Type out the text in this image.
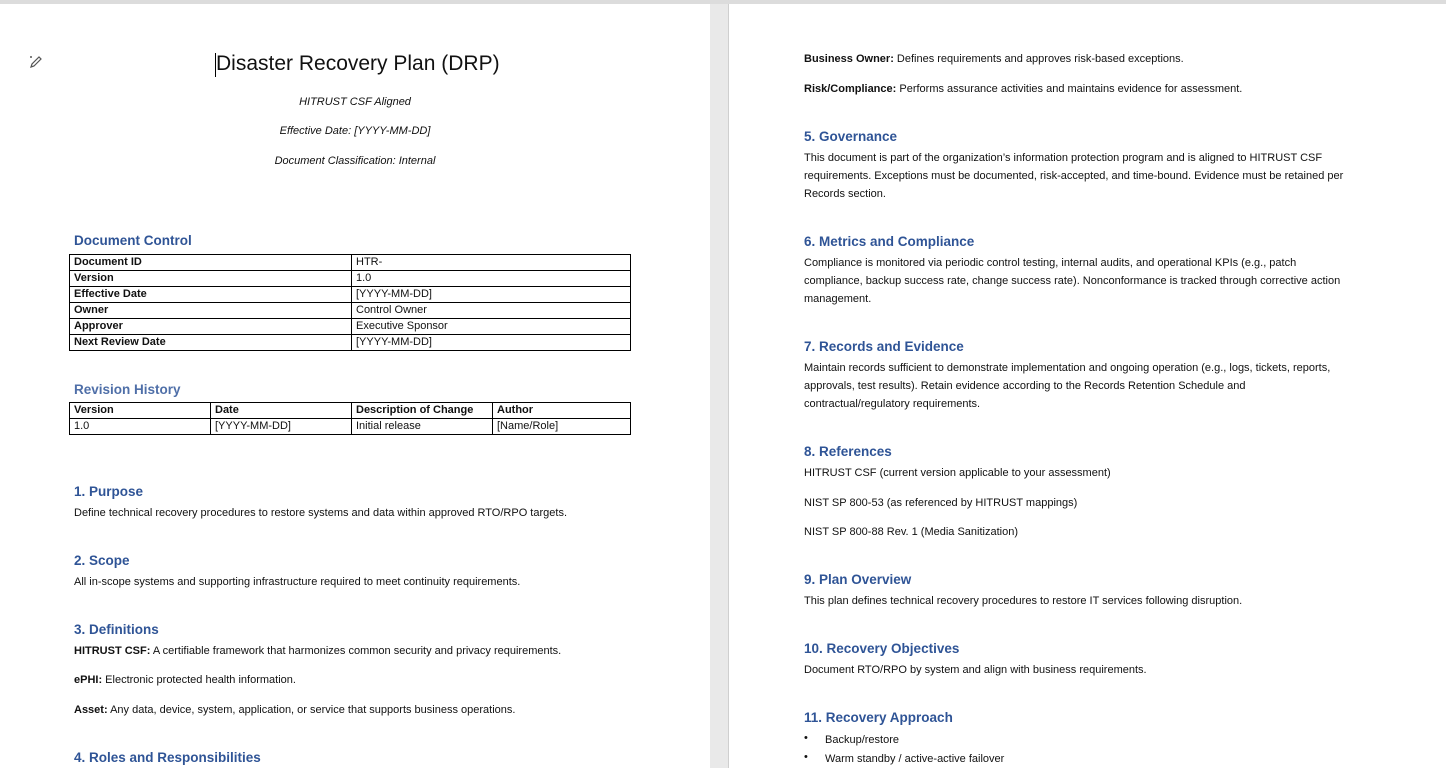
Disaster Recovery Plan (DRP)
HITRUST CSF Aligned
Effective Date: [YYYY-MM-DD]
Document Classification: Internal
Document Control
Document ID	HTR-
Version	1.0
Effective Date	[YYYY-MM-DD]
Owner	Control Owner
Approver	Executive Sponsor
Next Review Date	[YYYY-MM-DD]
Revision History
Version	Date	Description of Change	Author
1.0	[YYYY-MM-DD]	Initial release	[Name/Role]
1. Purpose
Define technical recovery procedures to restore systems and data within approved RTO/RPO targets.
2. Scope
All in-scope systems and supporting infrastructure required to meet continuity requirements.
3. Definitions
HITRUST CSF: A certifiable framework that harmonizes common security and privacy requirements.
ePHI: Electronic protected health information.
Asset: Any data, device, system, application, or service that supports business operations.
4. Roles and Responsibilities
Business Owner: Defines requirements and approves risk-based exceptions.
Risk/Compliance: Performs assurance activities and maintains evidence for assessment.
5. Governance
This document is part of the organization’s information protection program and is aligned to HITRUST CSF requirements. Exceptions must be documented, risk-accepted, and time-bound. Evidence must be retained per Records section.
6. Metrics and Compliance
Compliance is monitored via periodic control testing, internal audits, and operational KPIs (e.g., patch compliance, backup success rate, change success rate). Nonconformance is tracked through corrective action management.
7. Records and Evidence
Maintain records sufficient to demonstrate implementation and ongoing operation (e.g., logs, tickets, reports, approvals, test results). Retain evidence according to the Records Retention Schedule and contractual/regulatory requirements.
8. References
HITRUST CSF (current version applicable to your assessment)
NIST SP 800-53 (as referenced by HITRUST mappings)
NIST SP 800-88 Rev. 1 (Media Sanitization)
9. Plan Overview
This plan defines technical recovery procedures to restore IT services following disruption.
10. Recovery Objectives
Document RTO/RPO by system and align with business requirements.
11. Recovery Approach
• Backup/restore
• Warm standby / active-active failover
